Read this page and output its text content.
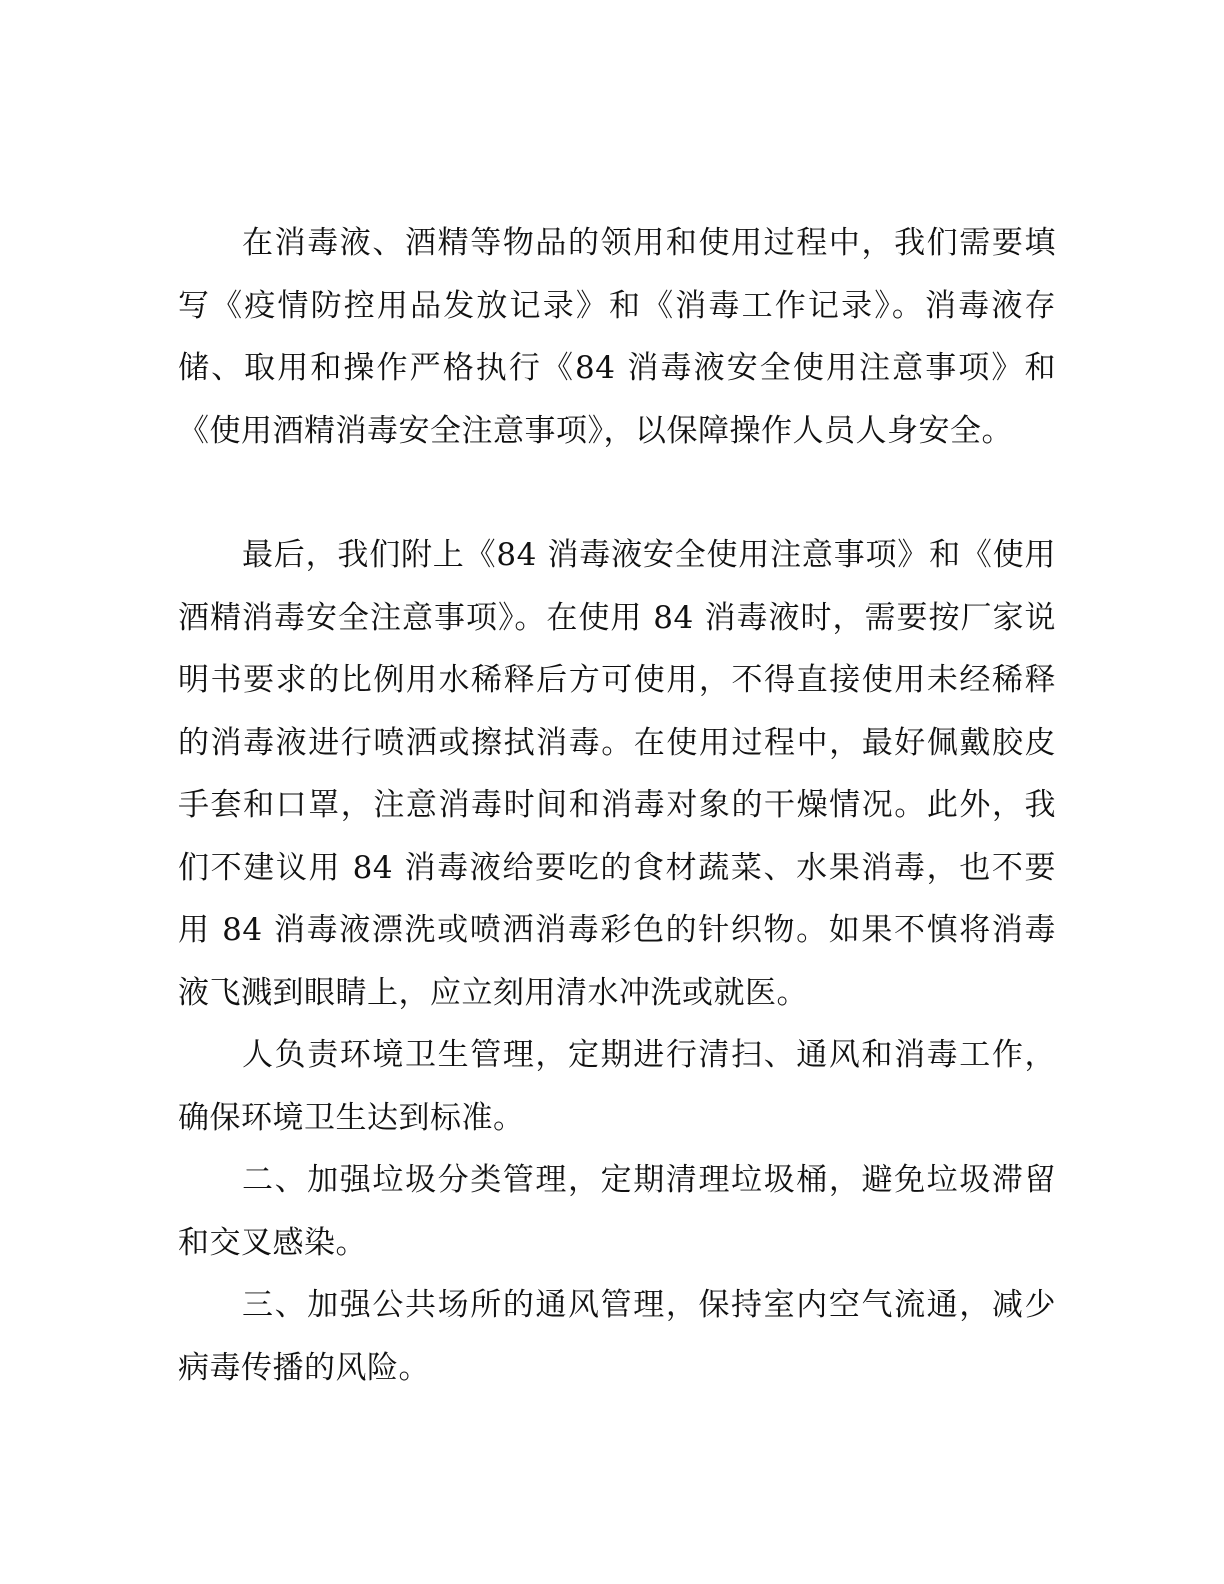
在消毒液、酒精等物品的领用和使用过程中，我们需要填写《疫情防控用品发放记录》和《消毒工作记录》。消毒液存储、取用和操作严格执行《84 消毒液安全使用注意事项》和《使用酒精消毒安全注意事项》，以保障操作人员人身安全。

最后，我们附上《84 消毒液安全使用注意事项》和《使用酒精消毒安全注意事项》。在使用 84 消毒液时，需要按厂家说明书要求的比例用水稀释后方可使用，不得直接使用未经稀释的消毒液进行喷洒或擦拭消毒。在使用过程中，最好佩戴胶皮手套和口罩，注意消毒时间和消毒对象的干燥情况。此外，我们不建议用 84 消毒液给要吃的食材蔬菜、水果消毒，也不要用 84 消毒液漂洗或喷洒消毒彩色的针织物。如果不慎将消毒液飞溅到眼睛上，应立刻用清水冲洗或就医。

人负责环境卫生管理，定期进行清扫、通风和消毒工作，确保环境卫生达到标准。

二、加强垃圾分类管理，定期清理垃圾桶，避免垃圾滞留和交叉感染。

三、加强公共场所的通风管理，保持室内空气流通，减少病毒传播的风险。
